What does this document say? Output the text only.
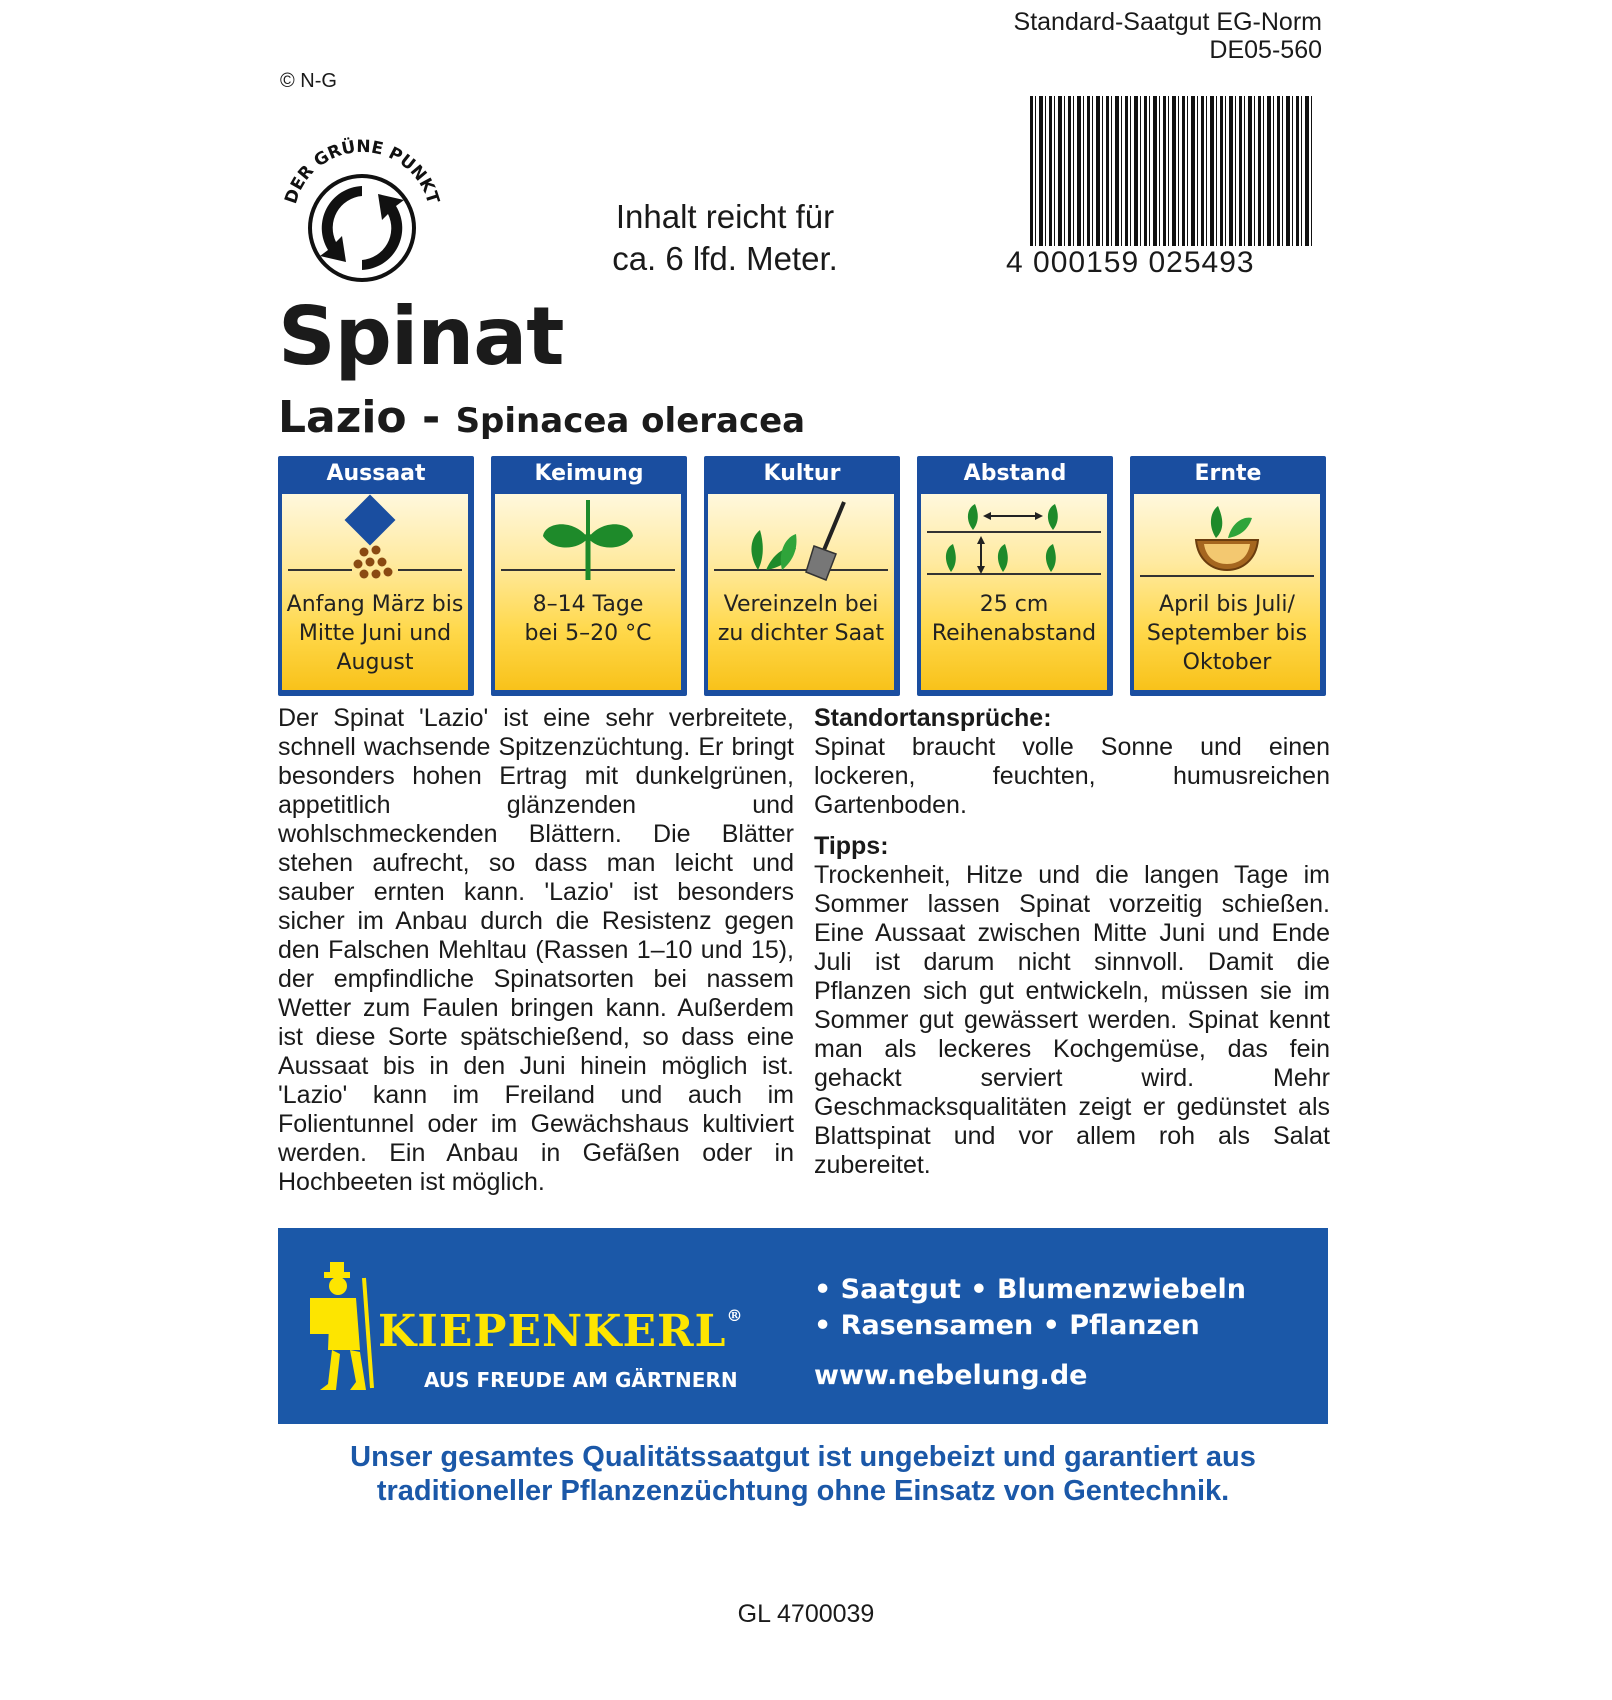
Standard-Saatgut EG-Norm
DE05-560
© N-G
DER GRÜNE PUNKT
Inhalt reicht für
ca. 6 lfd. Meter.	4 000159 025493
Spinat
Lazio - Spinacea oleracea
Aussaat
Anfang März bis
Mitte Juni und
August
Keimung
8–14 Tage
bei 5–20 °C
Kultur
Vereinzeln bei
zu dichter Saat
Abstand
25 cm
Reihenabstand
Ernte
April bis Juli/
September bis
Oktober
Der Spinat 'Lazio' ist eine sehr verbreitete, schnell wachsende Spitzenzüchtung. Er bringt besonders hohen Ertrag mit dunkelgrünen, appetitlich glänzenden und wohlschmeckenden Blättern. Die Blätter stehen aufrecht, so dass man leicht und sauber ernten kann. 'Lazio' ist besonders sicher im Anbau durch die Resistenz gegen den Falschen Mehltau (Rassen 1–10 und 15), der empfindliche Spinatsorten bei nassem Wetter zum Faulen bringen kann. Außerdem ist diese Sorte spätschießend, so dass eine Aussaat bis in den Juni hinein möglich ist. 'Lazio' kann im Freiland und auch im Folientunnel oder im Gewächshaus kultiviert werden. Ein Anbau in Gefäßen oder in Hochbeeten ist möglich.
Standortansprüche:

Spinat braucht volle Sonne und einen lockeren, feuchten, humusreichen Gartenboden.

Tipps:

Trockenheit, Hitze und die langen Tage im Sommer lassen Spinat vorzeitig schießen. Eine Aussaat zwischen Mitte Juni und Ende Juli ist darum nicht sinnvoll. Damit die Pflanzen sich gut entwickeln, müssen sie im Sommer gut gewässert werden. Spinat kennt man als leckeres Kochgemüse, das fein gehackt serviert wird. Mehr Geschmacksqualitäten zeigt er gedünstet als Blattspinat und vor allem roh als Salat zubereitet.

KIEPENKERL®
AUS FREUDE AM GÄRTNERN
• Saatgut • Blumenzwiebeln
• Rasensamen • Pflanzen
www.nebelung.de
Unser gesamtes Qualitätssaatgut ist ungebeizt und garantiert aus
traditioneller Pflanzenzüchtung ohne Einsatz von Gentechnik.
GL 4700039
